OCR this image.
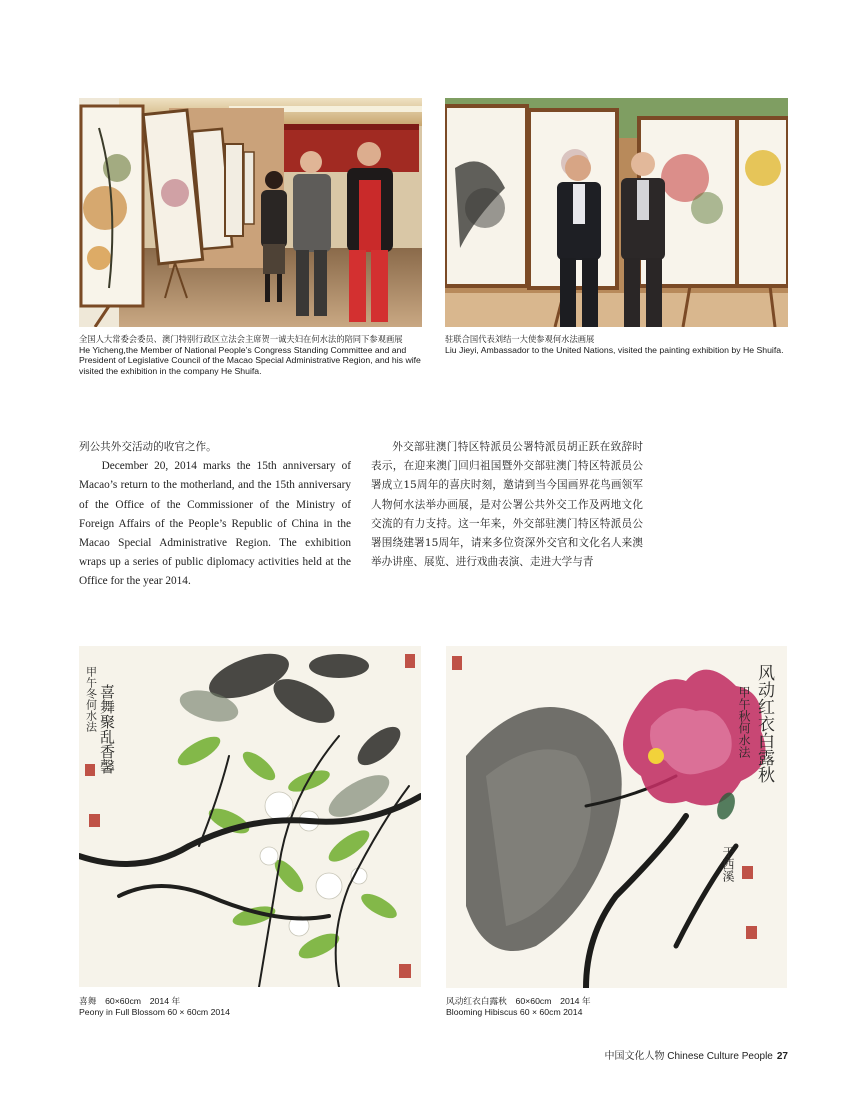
全国人大常委会委员、澳门特别行政区立法会主席贺一诚夫妇在何水法的陪同下参观画展
He Yicheng,the Member of National People’s Congress Standing Committee and and President of Legislative Council of the Macao Special Administrative Region, and his wife visited the exhibition in the company He Shuifa.
驻联合国代表刘结一大使参观何水法画展
Liu Jieyi, Ambassador to the United Nations, visited the painting exhibition by He Shuifa.
列公共外交活动的收官之作。
December 20, 2014 marks the 15th anniversary of Macao’s return to the motherland, and the 15th anniversary of the Office of the Commissioner of the Ministry of Foreign Affairs of the People’s Republic of China in the Macao Special Administrative Region. The exhibition wraps up a series of public diplomacy activities held at the Office for the year 2014.
外交部驻澳门特区特派员公署特派员胡正跃在致辞时表示，在迎来澳门回归祖国暨外交部驻澳门特区特派员公署成立15周年的喜庆时刻，邀请到当今国画界花鸟画领军人物何水法举办画展，是对公署公共外交工作及两地文化交流的有力支持。这一年来，外交部驻澳门特区特派员公署围绕建署15周年，请来多位资深外交官和文化名人来澳举办讲座、展览、进行戏曲表演、走进大学与青
喜舞聚乱香馨
甲午冬何水法	风动红衣白露秋
甲午秋何水法
于西溪
喜舞　60×60cm　2014 年
Peony in Full Blossom 60 × 60cm 2014
风动红衣白露秋　60×60cm　2014 年
Blooming Hibiscus 60 × 60cm 2014
中国文化人物 Chinese Culture People 27
